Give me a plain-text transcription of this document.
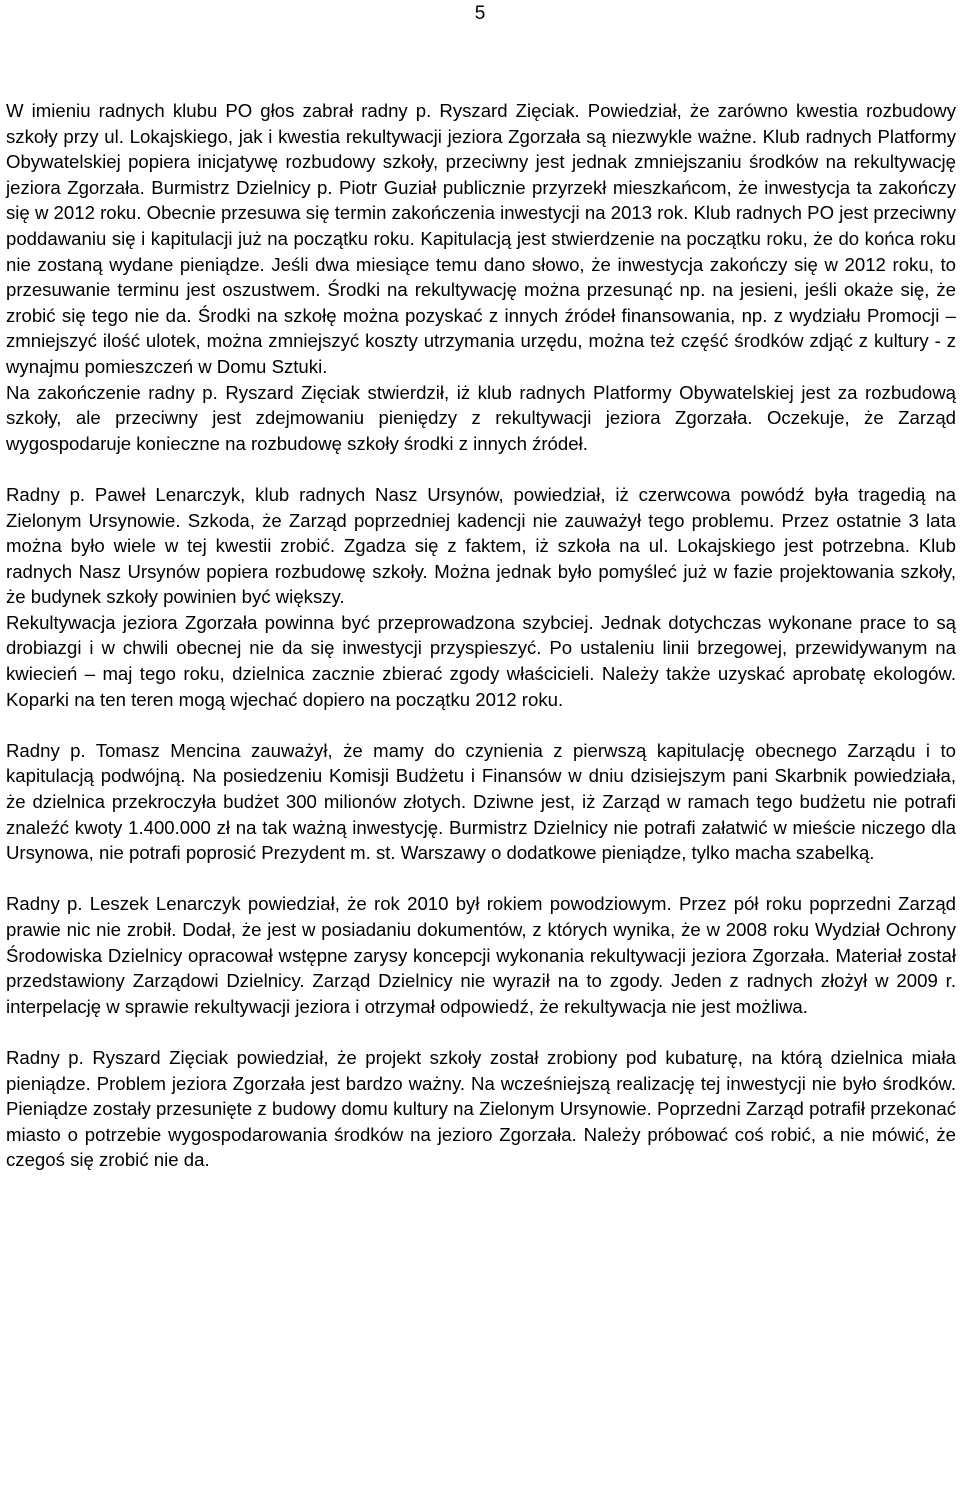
5

W imieniu radnych klubu PO głos zabrał radny p. Ryszard Zięciak. Powiedział, że zarówno kwestia rozbudowy szkoły przy ul. Lokajskiego, jak i kwestia rekultywacji jeziora Zgorzała są niezwykle ważne. Klub radnych Platformy Obywatelskiej popiera inicjatywę rozbudowy szkoły, przeciwny jest jednak zmniejszaniu środków na rekultywację jeziora Zgorzała. Burmistrz Dzielnicy p. Piotr Guział publicznie przyrzekł mieszkańcom, że inwestycja ta zakończy się w 2012 roku. Obecnie przesuwa się termin zakończenia inwestycji na 2013 rok. Klub radnych PO jest przeciwny poddawaniu się i kapitulacji już na początku roku. Kapitulacją jest stwierdzenie na początku roku, że do końca roku nie zostaną wydane pieniądze. Jeśli dwa miesiące temu dano słowo, że inwestycja zakończy się w 2012 roku, to przesuwanie terminu jest oszustwem. Środki na rekultywację można przesunąć np. na jesieni, jeśli okaże się, że zrobić się tego nie da. Środki na szkołę można pozyskać z innych źródeł finansowania, np. z wydziału Promocji – zmniejszyć ilość ulotek, można zmniejszyć koszty utrzymania urzędu, można też część środków zdjąć z kultury - z wynajmu pomieszczeń w Domu Sztuki.

Na zakończenie radny p. Ryszard Zięciak stwierdził, iż klub radnych Platformy Obywatelskiej jest za rozbudową szkoły, ale przeciwny jest zdejmowaniu pieniędzy z rekultywacji jeziora Zgorzała. Oczekuje, że Zarząd wygospodaruje konieczne na rozbudowę szkoły środki z innych źródeł.

Radny p. Paweł Lenarczyk, klub radnych Nasz Ursynów, powiedział, iż czerwcowa powódź była tragedią na Zielonym Ursynowie. Szkoda, że Zarząd poprzedniej kadencji nie zauważył tego problemu. Przez ostatnie 3 lata można było wiele w tej kwestii zrobić. Zgadza się z faktem, iż szkoła na ul. Lokajskiego jest potrzebna. Klub radnych Nasz Ursynów popiera rozbudowę szkoły. Można jednak było pomyśleć już w fazie projektowania szkoły, że budynek szkoły powinien być większy.

Rekultywacja jeziora Zgorzała powinna być przeprowadzona szybciej. Jednak dotychczas wykonane prace to są drobiazgi i w chwili obecnej nie da się inwestycji przyspieszyć. Po ustaleniu linii brzegowej, przewidywanym na kwiecień – maj tego roku, dzielnica zacznie zbierać zgody właścicieli. Należy także uzyskać aprobatę ekologów. Koparki na ten teren mogą wjechać dopiero na początku 2012 roku.

Radny p. Tomasz Mencina zauważył, że mamy do czynienia z pierwszą kapitulację obecnego Zarządu i to kapitulacją podwójną. Na posiedzeniu Komisji Budżetu i Finansów w dniu dzisiejszym pani Skarbnik powiedziała, że dzielnica przekroczyła budżet 300 milionów złotych. Dziwne jest, iż Zarząd w ramach tego budżetu nie potrafi znaleźć kwoty 1.400.000 zł na tak ważną inwestycję. Burmistrz Dzielnicy nie potrafi załatwić w mieście niczego dla Ursynowa, nie potrafi poprosić Prezydent m. st. Warszawy o dodatkowe pieniądze, tylko macha szabelką.

Radny p. Leszek Lenarczyk powiedział, że rok 2010 był rokiem powodziowym. Przez pół roku poprzedni Zarząd prawie nic nie zrobił. Dodał, że jest w posiadaniu dokumentów, z których wynika, że w 2008 roku Wydział Ochrony Środowiska Dzielnicy opracował wstępne zarysy koncepcji wykonania rekultywacji jeziora Zgorzała. Materiał został przedstawiony Zarządowi Dzielnicy. Zarząd Dzielnicy nie wyraził na to zgody. Jeden z radnych złożył w 2009 r. interpelację w sprawie rekultywacji jeziora i otrzymał odpowiedź, że rekultywacja nie jest możliwa.

Radny p. Ryszard Zięciak powiedział, że projekt szkoły został zrobiony pod kubaturę, na którą dzielnica miała pieniądze. Problem jeziora Zgorzała jest bardzo ważny. Na wcześniejszą realizację tej inwestycji nie było środków. Pieniądze zostały przesunięte z budowy domu kultury na Zielonym Ursynowie. Poprzedni Zarząd potrafił przekonać miasto o potrzebie wygospodarowania środków na jezioro Zgorzała. Należy próbować coś robić, a nie mówić, że czegoś się zrobić nie da.
